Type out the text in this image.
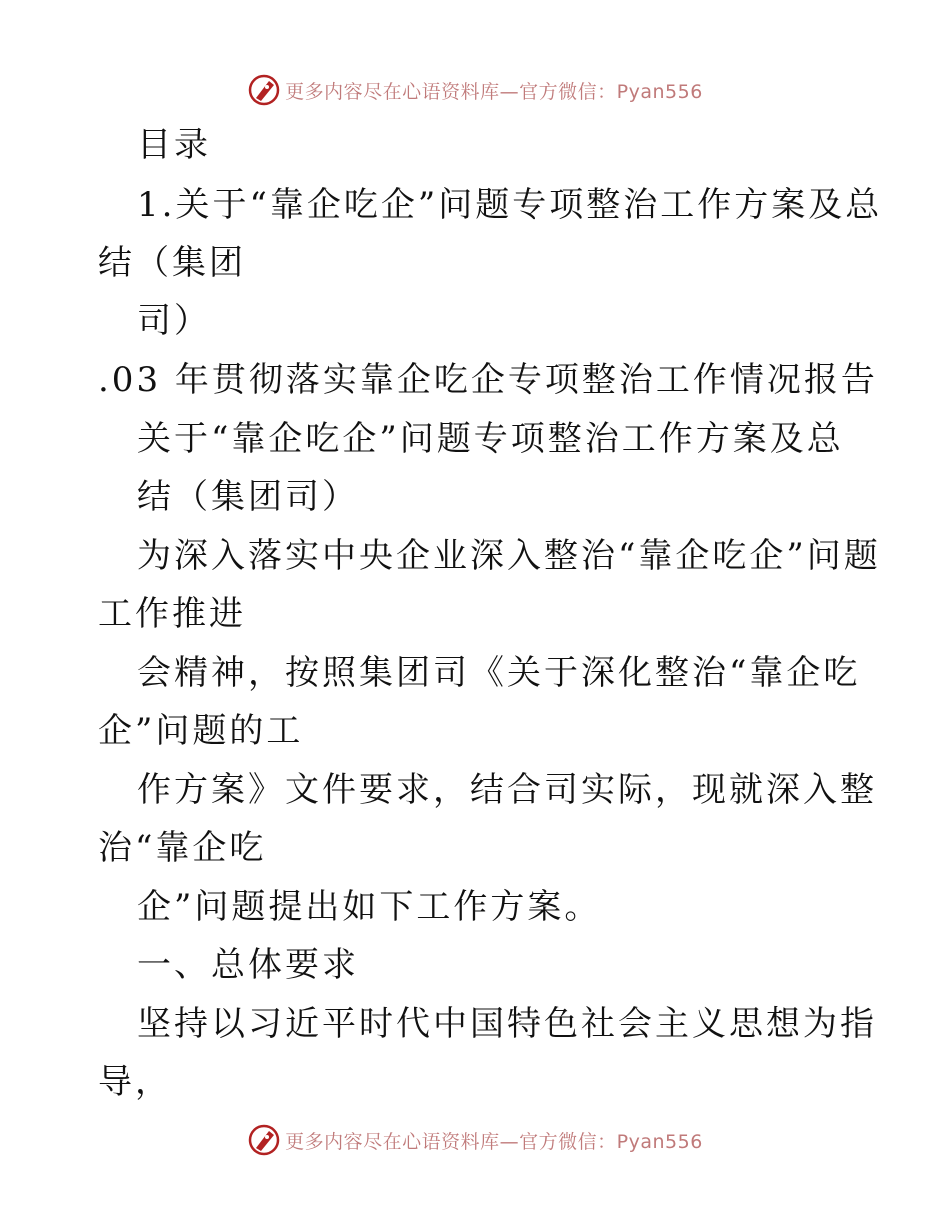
更多内容尽在心语资料库—官方微信：Pyan556
目录
1.关于“靠企吃企”问题专项整治工作方案及总
结（集团
司）
.03 年贯彻落实靠企吃企专项整治工作情况报告
关于“靠企吃企”问题专项整治工作方案及总
结（集团司）
为深入落实中央企业深入整治“靠企吃企”问题
工作推进
会精神，按照集团司《关于深化整治“靠企吃
企”问题的工
作方案》文件要求，结合司实际，现就深入整
治“靠企吃
企”问题提出如下工作方案。
一、总体要求
坚持以习近平时代中国特色社会主义思想为指
导，
更多内容尽在心语资料库—官方微信：Pyan556
